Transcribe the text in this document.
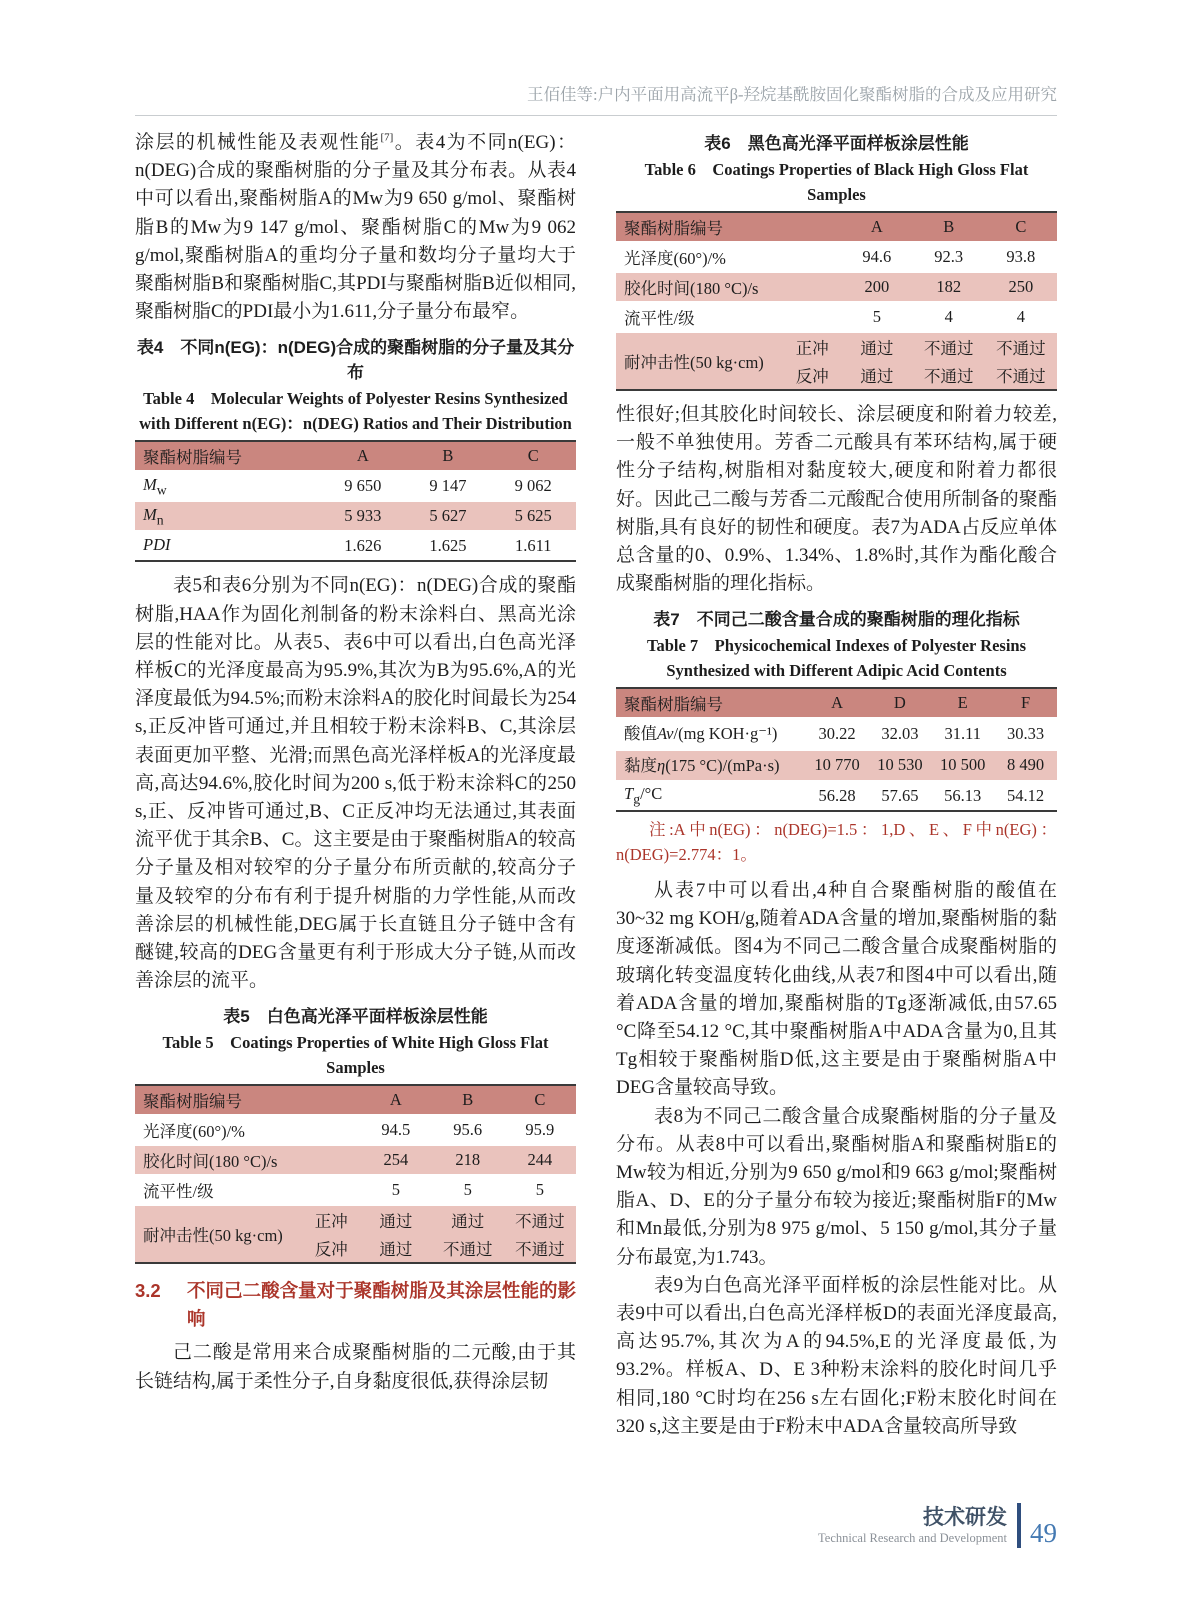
王佰佳等:户内平面用高流平β-羟烷基酰胺固化聚酯树脂的合成及应用研究

涂层的机械性能及表观性能[7]。表4为不同n(EG)：n(DEG)合成的聚酯树脂的分子量及其分布表。从表4中可以看出,聚酯树脂A的Mw为9 650 g/mol、聚酯树脂B的Mw为9 147 g/mol、聚酯树脂C的Mw为9 062 g/mol,聚酯树脂A的重均分子量和数均分子量均大于聚酯树脂B和聚酯树脂C,其PDI与聚酯树脂B近似相同,聚酯树脂C的PDI最小为1.611,分子量分布最窄。

表4　不同n(EG)：n(DEG)合成的聚酯树脂的分子量及其分布
Table 4　Molecular Weights of Polyester Resins Synthesized with Different n(EG)：n(DEG) Ratios and Their Distribution
聚酯树脂编号	A	B	C
$M_w$	9 650	9 147	9 062
$M_n$	5 933	5 627	5 625
PDI	1.626	1.625	1.611

表5和表6分别为不同n(EG)：n(DEG)合成的聚酯树脂,HAA作为固化剂制备的粉末涂料白、黑高光涂层的性能对比。从表5、表6中可以看出,白色高光泽样板C的光泽度最高为95.9%,其次为B为95.6%,A的光泽度最低为94.5%;而粉末涂料A的胶化时间最长为254 s,正反冲皆可通过,并且相较于粉末涂料B、C,其涂层表面更加平整、光滑;而黑色高光泽样板A的光泽度最高,高达94.6%,胶化时间为200 s,低于粉末涂料C的250 s,正、反冲皆可通过,B、C正反冲均无法通过,其表面流平优于其余B、C。这主要是由于聚酯树脂A的较高分子量及相对较窄的分子量分布所贡献的,较高分子量及较窄的分布有利于提升树脂的力学性能,从而改善涂层的机械性能,DEG属于长直链且分子链中含有醚键,较高的DEG含量更有利于形成大分子链,从而改善涂层的流平。

表5　白色高光泽平面样板涂层性能
Table 5　Coatings Properties of White High Gloss Flat Samples
聚酯树脂编号		A	B	C
光泽度(60°)/%		94.5	95.6	95.9
胶化时间(180 °C)/s		254	218	244
流平性/级		5	5	5
耐冲击性(50 kg·cm)	正冲	通过	通过	不通过
	反冲	通过	不通过	不通过
3.2	不同己二酸含量对于聚酯树脂及其涂层性能的影响

己二酸是常用来合成聚酯树脂的二元酸,由于其长链结构,属于柔性分子,自身黏度很低,获得涂层韧

表6　黑色高光泽平面样板涂层性能
Table 6　Coatings Properties of Black High Gloss Flat Samples
聚酯树脂编号		A	B	C
光泽度(60°)/%		94.6	92.3	93.8
胶化时间(180 °C)/s		200	182	250
流平性/级		5	4	4
耐冲击性(50 kg·cm)	正冲	通过	不通过	不通过
	反冲	通过	不通过	不通过

性很好;但其胶化时间较长、涂层硬度和附着力较差,一般不单独使用。芳香二元酸具有苯环结构,属于硬性分子结构,树脂相对黏度较大,硬度和附着力都很好。因此己二酸与芳香二元酸配合使用所制备的聚酯树脂,具有良好的韧性和硬度。表7为ADA占反应单体总含量的0、0.9%、1.34%、1.8%时,其作为酯化酸合成聚酯树脂的理化指标。

表7　不同己二酸含量合成的聚酯树脂的理化指标
Table 7　Physicochemical Indexes of Polyester Resins Synthesized with Different Adipic Acid Contents
聚酯树脂编号	A	D	E	F
酸值Av/(mg KOH·g⁻¹)	30.22	32.03	31.11	30.33
黏度η(175 °C)/(mPa·s)	10 770	10 530	10 500	8 490
$T_g/^\circ C$	56.28	57.65	56.13	54.12
注:A中n(EG)：n(DEG)=1.5：1,D、E、F中n(EG)：n(DEG)=2.774：1。

从表7中可以看出,4种自合聚酯树脂的酸值在30~32 mg KOH/g,随着ADA含量的增加,聚酯树脂的黏度逐渐减低。图4为不同己二酸含量合成聚酯树脂的玻璃化转变温度转化曲线,从表7和图4中可以看出,随着ADA含量的增加,聚酯树脂的Tg逐渐减低,由57.65 °C降至54.12 °C,其中聚酯树脂A中ADA含量为0,且其Tg相较于聚酯树脂D低,这主要是由于聚酯树脂A中DEG含量较高导致。

表8为不同己二酸含量合成聚酯树脂的分子量及分布。从表8中可以看出,聚酯树脂A和聚酯树脂E的Mw较为相近,分别为9 650 g/mol和9 663 g/mol;聚酯树脂A、D、E的分子量分布较为接近;聚酯树脂F的Mw和Mn最低,分别为8 975 g/mol、5 150 g/mol,其分子量分布最宽,为1.743。

表9为白色高光泽平面样板的涂层性能对比。从表9中可以看出,白色高光泽样板D的表面光泽度最高,高达95.7%,其次为A的94.5%,E的光泽度最低,为93.2%。样板A、D、E 3种粉末涂料的胶化时间几乎相同,180 °C时均在256 s左右固化;F粉末胶化时间在320 s,这主要是由于F粉末中ADA含量较高所导致

技术研发
Technical Research and Development 49
